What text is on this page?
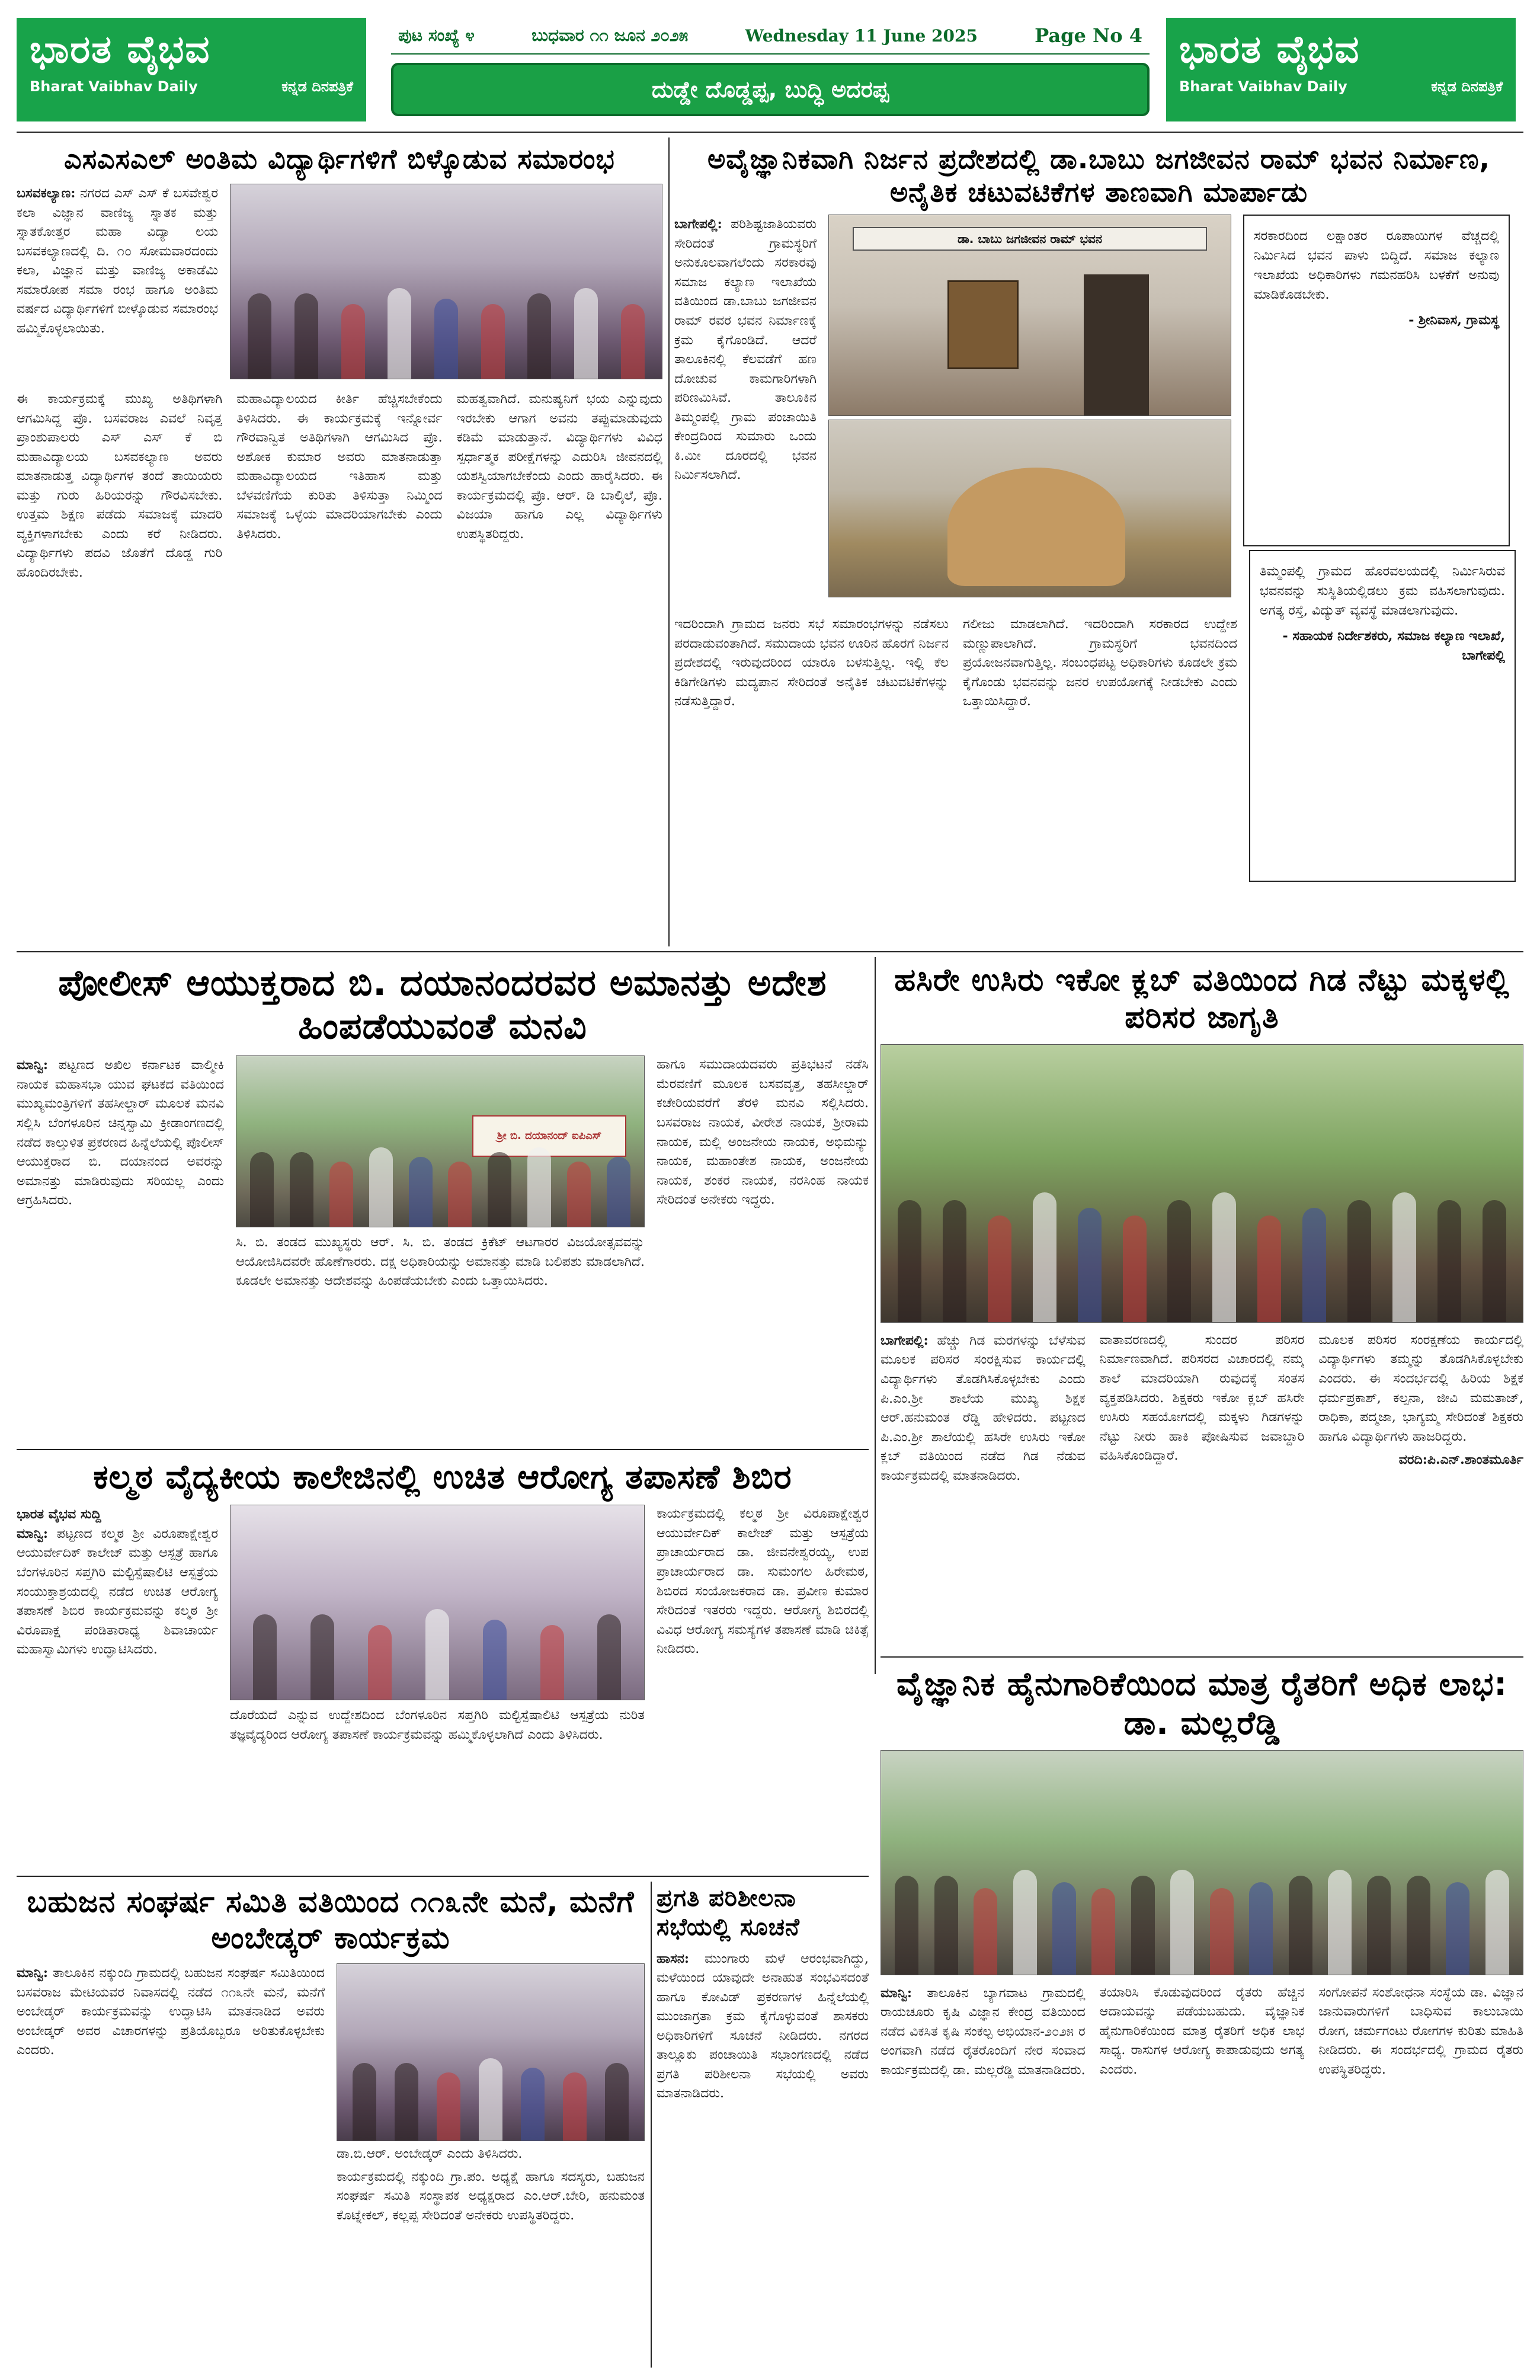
ಭಾರತ ವೈಭವ
Bharat Vaibhav Daily	ಕನ್ನಡ ದಿನಪತ್ರಿಕೆ
ಪುಟ ಸಂಖ್ಯೆ ೪	ಬುಧವಾರ ೧೧ ಜೂನ ೨೦೨೫	Wednesday 11 June 2025	Page No 4
ದುಡ್ಡೇ ದೊಡ್ಡಪ್ಪ, ಬುದ್ಧಿ ಅದರಪ್ಪ
ಭಾರತ ವೈಭವ
Bharat Vaibhav Daily	ಕನ್ನಡ ದಿನಪತ್ರಿಕೆ
ಎಸಎಸಎಲ್ ಅಂತಿಮ ವಿದ್ಯಾರ್ಥಿಗಳಿಗೆ ಬಿಳ್ಕೊಡುವ ಸಮಾರಂಭ
ಬಸವಕಲ್ಯಾಣ: ನಗರದ ಎಸ್ ಎಸ್ ಕೆ ಬಸವೇಶ್ವರ ಕಲಾ ವಿಜ್ಞಾನ ವಾಣಿಜ್ಯ ಸ್ನಾತಕ ಮತ್ತು ಸ್ನಾತಕೋತ್ತರ ಮಹಾ ವಿದ್ಯಾ ಲಯ ಬಸವಕಲ್ಯಾಣದಲ್ಲಿ ದಿ. ೧೦ ಸೋಮವಾರದಂದು ಕಲಾ, ವಿಜ್ಞಾನ ಮತ್ತು ವಾಣಿಜ್ಯ ಅಕಾಡೆಮಿ ಸಮಾರೋಪ ಸಮಾ ರಂಭ ಹಾಗೂ ಅಂತಿಮ ವರ್ಷದ ವಿದ್ಯಾರ್ಥಿಗಳಿಗೆ ಬೀಳ್ಕೊಡುವ ಸಮಾರಂಭ ಹಮ್ಮಿಕೊಳ್ಳಲಾಯಿತು.
ಈ ಕಾರ್ಯಕ್ರಮಕ್ಕೆ ಮುಖ್ಯ ಅತಿಥಿಗಳಾಗಿ ಆಗಮಿಸಿದ್ದ ಪ್ರೊ. ಬಸವರಾಜ ಎವಲೆ ನಿವೃತ್ತ ಪ್ರಾಂಶುಪಾಲರು ಎಸ್ ಎಸ್ ಕೆ ಬಿ ಮಹಾವಿದ್ಯಾಲಯ ಬಸವಕಲ್ಯಾಣ ಅವರು ಮಾತನಾಡುತ್ತ ವಿದ್ಯಾರ್ಥಿಗಳ ತಂದೆ ತಾಯಿಯರು ಮತ್ತು ಗುರು ಹಿರಿಯರನ್ನು ಗೌರವಿಸಬೇಕು. ಉತ್ತಮ ಶಿಕ್ಷಣ ಪಡೆದು ಸಮಾಜಕ್ಕೆ ಮಾದರಿ ವ್ಯಕ್ತಿಗಳಾಗಬೇಕು ಎಂದು ಕರೆ ನೀಡಿದರು. ವಿದ್ಯಾರ್ಥಿಗಳು ಪದವಿ ಜೊತೆಗೆ ದೊಡ್ಡ ಗುರಿ ಹೊಂದಿರಬೇಕು.
ಮಹಾವಿದ್ಯಾಲಯದ ಕೀರ್ತಿ ಹೆಚ್ಚಿಸಬೇಕೆಂದು ತಿಳಿಸಿದರು. ಈ ಕಾರ್ಯಕ್ರಮಕ್ಕೆ ಇನ್ನೋರ್ವ ಗೌರವಾನ್ವಿತ ಅತಿಥಿಗಳಾಗಿ ಆಗಮಿಸಿದ ಪ್ರೊ. ಅಶೋಕ ಕುಮಾರ ಅವರು ಮಾತನಾಡುತ್ತಾ ಮಹಾವಿದ್ಯಾಲಯದ ಇತಿಹಾಸ ಮತ್ತು ಬೆಳವಣಿಗೆಯ ಕುರಿತು ತಿಳಿಸುತ್ತಾ ನಿಮ್ಮಿಂದ ಸಮಾಜಕ್ಕೆ ಒಳ್ಳೆಯ ಮಾದರಿಯಾಗಬೇಕು ಎಂದು ತಿಳಿಸಿದರು.
ಮಹತ್ವವಾಗಿದೆ. ಮನುಷ್ಯನಿಗೆ ಭಯ ಎನ್ನುವುದು ಇರಬೇಕು ಆಗಾಗ ಅವನು ತಪ್ಪುಮಾಡುವುದು ಕಡಿಮೆ ಮಾಡುತ್ತಾನೆ. ವಿದ್ಯಾರ್ಥಿಗಳು ವಿವಿಧ ಸ್ಪರ್ಧಾತ್ಮಕ ಪರೀಕ್ಷೆಗಳನ್ನು ಎದುರಿಸಿ ಜೀವನದಲ್ಲಿ ಯಶಸ್ವಿಯಾಗಬೇಕೆಂದು ಎಂದು ಹಾರೈಸಿದರು. ಈ ಕಾರ್ಯಕ್ರಮದಲ್ಲಿ ಪ್ರೊ. ಆರ್. ಡಿ ಬಾಲ್ಕಿಲೆ, ಪ್ರೊ. ವಿಜಯಾ ಹಾಗೂ ಎಲ್ಲ ವಿದ್ಯಾರ್ಥಿಗಳು ಉಪಸ್ಥಿತರಿದ್ದರು.
ಅವೈಜ್ಞಾನಿಕವಾಗಿ ನಿರ್ಜನ ಪ್ರದೇಶದಲ್ಲಿ ಡಾ.ಬಾಬು ಜಗಜೀವನ ರಾಮ್ ಭವನ ನಿರ್ಮಾಣ, ಅನೈತಿಕ ಚಟುವಟಿಕೆಗಳ ತಾಣವಾಗಿ ಮಾರ್ಪಾಡು
ಬಾಗೇಪಲ್ಲಿ: ಪರಿಶಿಷ್ಟಜಾತಿಯವರು ಸೇರಿದಂತೆ ಗ್ರಾಮಸ್ಥರಿಗೆ ಅನುಕೂಲವಾಗಲೆಂದು ಸರಕಾರವು ಸಮಾಜ ಕಲ್ಯಾಣ ಇಲಾಖೆಯ ವತಿಯಿಂದ ಡಾ.ಬಾಬು ಜಗಜೀವನ ರಾಮ್ ರವರ ಭವನ ನಿರ್ಮಾಣಕ್ಕೆ ಕ್ರಮ ಕೈಗೊಂಡಿದೆ. ಆದರೆ ತಾಲೂಕಿನಲ್ಲಿ ಕೆಲವಡೆಗೆ ಹಣ ದೋಚುವ ಕಾಮಗಾರಿಗಳಾಗಿ ಪರಿಣಮಿಸಿವೆ. ತಾಲೂಕಿನ ತಿಮ್ಮಂಪಲ್ಲಿ ಗ್ರಾಮ ಪಂಚಾಯಿತಿ ಕೇಂದ್ರದಿಂದ ಸುಮಾರು ಒಂದು ಕಿ.ಮೀ ದೂರದಲ್ಲಿ ಭವನ ನಿರ್ಮಿಸಲಾಗಿದೆ.
ಡಾ. ಬಾಬು ಜಗಜೀವನ ರಾಮ್ ಭವನ	ಸರಕಾರದಿಂದ ಲಕ್ಷಾಂತರ ರೂಪಾಯಿಗಳ ವೆಚ್ಚದಲ್ಲಿ ನಿರ್ಮಿಸಿದ ಭವನ ಪಾಳು ಬಿದ್ದಿದೆ. ಸಮಾಜ ಕಲ್ಯಾಣ ಇಲಾಖೆಯ ಅಧಿಕಾರಿಗಳು ಗಮನಹರಿಸಿ ಬಳಕೆಗೆ ಅನುವು ಮಾಡಿಕೊಡಬೇಕು.
- ಶ್ರೀನಿವಾಸ, ಗ್ರಾಮಸ್ಥ
ಇದರಿಂದಾಗಿ ಗ್ರಾಮದ ಜನರು ಸಭೆ ಸಮಾರಂಭಗಳನ್ನು ನಡೆಸಲು ಪರದಾಡುವಂತಾಗಿದೆ. ಸಮುದಾಯ ಭವನ ಊರಿನ ಹೊರಗೆ ನಿರ್ಜನ ಪ್ರದೇಶದಲ್ಲಿ ಇರುವುದರಿಂದ ಯಾರೂ ಬಳಸುತ್ತಿಲ್ಲ. ಇಲ್ಲಿ ಕೆಲ ಕಿಡಿಗೇಡಿಗಳು ಮದ್ಯಪಾನ ಸೇರಿದಂತೆ ಅನೈತಿಕ ಚಟುವಟಿಕೆಗಳನ್ನು ನಡೆಸುತ್ತಿದ್ದಾರೆ.
ಗಲೀಜು ಮಾಡಲಾಗಿದೆ. ಇದರಿಂದಾಗಿ ಸರಕಾರದ ಉದ್ದೇಶ ಮಣ್ಣುಪಾಲಾಗಿದೆ. ಗ್ರಾಮಸ್ಥರಿಗೆ ಭವನದಿಂದ ಪ್ರಯೋಜನವಾಗುತ್ತಿಲ್ಲ. ಸಂಬಂಧಪಟ್ಟ ಅಧಿಕಾರಿಗಳು ಕೂಡಲೇ ಕ್ರಮ ಕೈಗೊಂಡು ಭವನವನ್ನು ಜನರ ಉಪಯೋಗಕ್ಕೆ ನೀಡಬೇಕು ಎಂದು ಒತ್ತಾಯಿಸಿದ್ದಾರೆ.
ತಿಮ್ಮಂಪಲ್ಲಿ ಗ್ರಾಮದ ಹೊರವಲಯದಲ್ಲಿ ನಿರ್ಮಿಸಿರುವ ಭವನವನ್ನು ಸುಸ್ಥಿತಿಯಲ್ಲಿಡಲು ಕ್ರಮ ವಹಿಸಲಾಗುವುದು. ಅಗತ್ಯ ರಸ್ತೆ, ವಿದ್ಯುತ್ ವ್ಯವಸ್ಥೆ ಮಾಡಲಾಗುವುದು.
- ಸಹಾಯಕ ನಿರ್ದೇಶಕರು, ಸಮಾಜ ಕಲ್ಯಾಣ ಇಲಾಖೆ, ಬಾಗೇಪಲ್ಲಿ
ಪೋಲೀಸ್ ಆಯುಕ್ತರಾದ ಬಿ. ದಯಾನಂದರವರ ಅಮಾನತ್ತು ಅದೇಶ ಹಿಂಪಡೆಯುವಂತೆ ಮನವಿ
ಮಾನ್ವಿ: ಪಟ್ಟಣದ ಅಖಿಲ ಕರ್ನಾಟಕ ವಾಲ್ಮೀಕಿ ನಾಯಕ ಮಹಾಸಭಾ ಯುವ ಘಟಕದ ವತಿಯಿಂದ ಮುಖ್ಯಮಂತ್ರಿಗಳಿಗೆ ತಹಸೀಲ್ದಾರ್ ಮೂಲಕ ಮನವಿ ಸಲ್ಲಿಸಿ ಬೆಂಗಳೂರಿನ ಚಿನ್ನಸ್ವಾಮಿ ಕ್ರೀಡಾಂಗಣದಲ್ಲಿ ನಡೆದ ಕಾಲ್ತುಳಿತ ಪ್ರಕರಣದ ಹಿನ್ನೆಲೆಯಲ್ಲಿ ಪೊಲೀಸ್ ಆಯುಕ್ತರಾದ ಬಿ. ದಯಾನಂದ ಅವರನ್ನು ಅಮಾನತ್ತು ಮಾಡಿರುವುದು ಸರಿಯಲ್ಲ ಎಂದು ಆಗ್ರಹಿಸಿದರು.
ಶ್ರೀ ಬಿ. ದಯಾನಂದ್ ಐಪಿಎಸ್
ಸಿ. ಬಿ. ತಂಡದ ಮುಖ್ಯಸ್ಥರು ಆರ್. ಸಿ. ಬಿ. ತಂಡದ ಕ್ರಿಕೆಟ್ ಆಟಗಾರರ ವಿಜಯೋತ್ಸವವನ್ನು ಆಯೋಜಿಸಿದವರೇ ಹೊಣೆಗಾರರು. ದಕ್ಷ ಅಧಿಕಾರಿಯನ್ನು ಅಮಾನತ್ತು ಮಾಡಿ ಬಲಿಪಶು ಮಾಡಲಾಗಿದೆ. ಕೂಡಲೇ ಅಮಾನತ್ತು ಆದೇಶವನ್ನು ಹಿಂಪಡೆಯಬೇಕು ಎಂದು ಒತ್ತಾಯಿಸಿದರು.
ಹಾಗೂ ಸಮುದಾಯದವರು ಪ್ರತಿಭಟನೆ ನಡೆಸಿ ಮೆರವಣಿಗೆ ಮೂಲಕ ಬಸವವೃತ್ತ, ತಹಸೀಲ್ದಾರ್ ಕಚೇರಿಯವರೆಗೆ ತೆರಳಿ ಮನವಿ ಸಲ್ಲಿಸಿದರು. ಬಸವರಾಜ ನಾಯಕ, ವೀರೇಶ ನಾಯಕ, ಶ್ರೀರಾಮ ನಾಯಕ, ಮಲ್ಲಿ ಅಂಜನೇಯ ನಾಯಕ, ಅಭಿಮನ್ಯು ನಾಯಕ, ಮಹಾಂತೇಶ ನಾಯಕ, ಅಂಜನೇಯ ನಾಯಕ, ಶಂಕರ ನಾಯಕ, ನರಸಿಂಹ ನಾಯಕ ಸೇರಿದಂತೆ ಅನೇಕರು ಇದ್ದರು.
ಹಸಿರೇ ಉಸಿರು ಇಕೋ ಕ್ಲಬ್ ವತಿಯಿಂದ ಗಿಡ ನೆಟ್ಟು ಮಕ್ಕಳಲ್ಲಿ ಪರಿಸರ ಜಾಗೃತಿ
ಬಾಗೇಪಲ್ಲಿ: ಹೆಚ್ಚು ಗಿಡ ಮರಗಳನ್ನು ಬೆಳೆಸುವ ಮೂಲಕ ಪರಿಸರ ಸಂರಕ್ಷಿಸುವ ಕಾರ್ಯದಲ್ಲಿ ವಿದ್ಯಾರ್ಥಿಗಳು ತೊಡಗಿಸಿಕೊಳ್ಳಬೇಕು ಎಂದು ಪಿ.ಎಂ.ಶ್ರೀ ಶಾಲೆಯ ಮುಖ್ಯ ಶಿಕ್ಷಕ ಆರ್.ಹನುಮಂತ ರೆಡ್ಡಿ ಹೇಳಿದರು. ಪಟ್ಟಣದ ಪಿ.ಎಂ.ಶ್ರೀ ಶಾಲೆಯಲ್ಲಿ ಹಸಿರೇ ಉಸಿರು ಇಕೋ ಕ್ಲಬ್ ವತಿಯಿಂದ ನಡೆದ ಗಿಡ ನೆಡುವ ಕಾರ್ಯಕ್ರಮದಲ್ಲಿ ಮಾತನಾಡಿದರು.
ವಾತಾವರಣದಲ್ಲಿ ಸುಂದರ ಪರಿಸರ ನಿರ್ಮಾಣವಾಗಿದೆ. ಪರಿಸರದ ವಿಚಾರದಲ್ಲಿ ನಮ್ಮ ಶಾಲೆ ಮಾದರಿಯಾಗಿ ರುವುದಕ್ಕೆ ಸಂತಸ ವ್ಯಕ್ತಪಡಿಸಿದರು. ಶಿಕ್ಷಕರು ಇಕೋ ಕ್ಲಬ್ ಹಸಿರೇ ಉಸಿರು ಸಹಯೋಗದಲ್ಲಿ ಮಕ್ಕಳು ಗಿಡಗಳನ್ನು ನೆಟ್ಟು ನೀರು ಹಾಕಿ ಪೋಷಿಸುವ ಜವಾಬ್ದಾರಿ ವಹಿಸಿಕೊಂಡಿದ್ದಾರೆ.
ಮೂಲಕ ಪರಿಸರ ಸಂರಕ್ಷಣೆಯ ಕಾರ್ಯದಲ್ಲಿ ವಿದ್ಯಾರ್ಥಿಗಳು ತಮ್ಮನ್ನು ತೊಡಗಿಸಿಕೊಳ್ಳಬೇಕು ಎಂದರು. ಈ ಸಂದರ್ಭದಲ್ಲಿ ಹಿರಿಯ ಶಿಕ್ಷಕ ಧರ್ಮಪ್ರಕಾಶ್, ಕಲ್ಪನಾ, ಜೀವಿ ಮಮತಾಜ್, ರಾಧಿಕಾ, ಪದ್ಮಜಾ, ಭಾಗ್ಯಮ್ಮ ಸೇರಿದಂತೆ ಶಿಕ್ಷಕರು ಹಾಗೂ ವಿದ್ಯಾರ್ಥಿಗಳು ಹಾಜರಿದ್ದರು.
ವರದಿ:ಪಿ.ಎನ್.ಶಾಂತಮೂರ್ತಿ
ಕಲ್ಮಠ ವೈದ್ಯಕೀಯ ಕಾಲೇಜಿನಲ್ಲಿ ಉಚಿತ ಆರೋಗ್ಯ ತಪಾಸಣೆ ಶಿಬಿರ
ಭಾರತ ವೈಭವ ಸುದ್ದಿ
ಮಾನ್ವಿ: ಪಟ್ಟಣದ ಕಲ್ಮಠ ಶ್ರೀ ವಿರೂಪಾಕ್ಷೇಶ್ವರ ಆಯುರ್ವೇದಿಕ್ ಕಾಲೇಜ್ ಮತ್ತು ಆಸ್ಪತ್ರೆ ಹಾಗೂ ಬೆಂಗಳೂರಿನ ಸಪ್ತಗಿರಿ ಮಲ್ಟಿಸ್ಪೆಷಾಲಿಟಿ ಆಸ್ಪತ್ರೆಯ ಸಂಯುಕ್ತಾಶ್ರಯದಲ್ಲಿ ನಡೆದ ಉಚಿತ ಆರೋಗ್ಯ ತಪಾಸಣೆ ಶಿಬಿರ ಕಾರ್ಯಕ್ರಮವನ್ನು ಕಲ್ಮಠ ಶ್ರೀ ವಿರೂಪಾಕ್ಷ ಪಂಡಿತಾರಾಧ್ಯ ಶಿವಾಚಾರ್ಯ ಮಹಾಸ್ವಾಮಿಗಳು ಉದ್ಘಾಟಿಸಿದರು.
ದೊರೆಯದೆ ಎನ್ನುವ ಉದ್ದೇಶದಿಂದ ಬೆಂಗಳೂರಿನ ಸಪ್ತಗಿರಿ ಮಲ್ಟಿಸ್ಪೆಷಾಲಿಟಿ ಆಸ್ಪತ್ರೆಯ ನುರಿತ ತಜ್ಞವೈದ್ಯರಿಂದ ಆರೋಗ್ಯ ತಪಾಸಣೆ ಕಾರ್ಯಕ್ರಮವನ್ನು ಹಮ್ಮಿಕೊಳ್ಳಲಾಗಿದೆ ಎಂದು ತಿಳಿಸಿದರು.
ಕಾರ್ಯಕ್ರಮದಲ್ಲಿ ಕಲ್ಮಠ ಶ್ರೀ ವಿರೂಪಾಕ್ಷೇಶ್ವರ ಆಯುರ್ವೇದಿಕ್ ಕಾಲೇಜ್ ಮತ್ತು ಆಸ್ಪತ್ರೆಯ ಪ್ರಾಚಾರ್ಯರಾದ ಡಾ. ಜೀವನೇಶ್ವರಯ್ಯ, ಉಪ ಪ್ರಾಚಾರ್ಯರಾದ ಡಾ. ಸುಮಂಗಲ ಹಿರೇಮಠ, ಶಿಬಿರದ ಸಂಯೋಜಕರಾದ ಡಾ. ಪ್ರವೀಣ ಕುಮಾರ ಸೇರಿದಂತೆ ಇತರರು ಇದ್ದರು. ಆರೋಗ್ಯ ಶಿಬಿರದಲ್ಲಿ ವಿವಿಧ ಆರೋಗ್ಯ ಸಮಸ್ಯೆಗಳ ತಪಾಸಣೆ ಮಾಡಿ ಚಿಕಿತ್ಸೆ ನೀಡಿದರು.
ವೈಜ್ಞಾನಿಕ ಹೈನುಗಾರಿಕೆಯಿಂದ ಮಾತ್ರ ರೈತರಿಗೆ ಅಧಿಕ ಲಾಭ: ಡಾ. ಮಲ್ಲರೆಡ್ಡಿ
ಮಾನ್ವಿ: ತಾಲೂಕಿನ ಬ್ಯಾಗವಾಟ ಗ್ರಾಮದಲ್ಲಿ ರಾಯಚೂರು ಕೃಷಿ ವಿಜ್ಞಾನ ಕೇಂದ್ರ ವತಿಯಿಂದ ನಡೆದ ವಿಕಸಿತ ಕೃಷಿ ಸಂಕಲ್ಪ ಅಭಿಯಾನ-೨೦೨೫ ರ ಅಂಗವಾಗಿ ನಡೆದ ರೈತರೊಂದಿಗೆ ನೇರ ಸಂವಾದ ಕಾರ್ಯಕ್ರಮದಲ್ಲಿ ಡಾ. ಮಲ್ಲರೆಡ್ಡಿ ಮಾತನಾಡಿದರು.
ತಯಾರಿಸಿ ಕೊಡುವುದರಿಂದ ರೈತರು ಹೆಚ್ಚಿನ ಆದಾಯವನ್ನು ಪಡೆಯಬಹುದು. ವೈಜ್ಞಾನಿಕ ಹೈನುಗಾರಿಕೆಯಿಂದ ಮಾತ್ರ ರೈತರಿಗೆ ಅಧಿಕ ಲಾಭ ಸಾಧ್ಯ. ರಾಸುಗಳ ಆರೋಗ್ಯ ಕಾಪಾಡುವುದು ಅಗತ್ಯ ಎಂದರು.
ಸಂಗೋಪನೆ ಸಂಶೋಧನಾ ಸಂಸ್ಥೆಯ ಡಾ. ವಿಜ್ಞಾನ ಜಾನುವಾರುಗಳಿಗೆ ಬಾಧಿಸುವ ಕಾಲುಬಾಯಿ ರೋಗ, ಚರ್ಮಗಂಟು ರೋಗಗಳ ಕುರಿತು ಮಾಹಿತಿ ನೀಡಿದರು. ಈ ಸಂದರ್ಭದಲ್ಲಿ ಗ್ರಾಮದ ರೈತರು ಉಪಸ್ಥಿತರಿದ್ದರು.
ಬಹುಜನ ಸಂಘರ್ಷ ಸಮಿತಿ ವತಿಯಿಂದ ೧೧೩ನೇ ಮನೆ, ಮನೆಗೆ ಅಂಬೇಡ್ಕರ್ ಕಾರ್ಯಕ್ರಮ
ಮಾನ್ವಿ: ತಾಲೂಕಿನ ನಕ್ಕುಂದಿ ಗ್ರಾಮದಲ್ಲಿ ಬಹುಜನ ಸಂಘರ್ಷ ಸಮಿತಿಯಿಂದ ಬಸವರಾಜ ಮೇಟಿಯವರ ನಿವಾಸದಲ್ಲಿ ನಡೆದ ೧೧೩ನೇ ಮನೆ, ಮನೆಗೆ ಅಂಬೇಡ್ಕರ್ ಕಾರ್ಯಕ್ರಮವನ್ನು ಉದ್ಘಾಟಿಸಿ ಮಾತನಾಡಿದ ಅವರು ಅಂಬೇಡ್ಕರ್ ಅವರ ವಿಚಾರಗಳನ್ನು ಪ್ರತಿಯೊಬ್ಬರೂ ಅರಿತುಕೊಳ್ಳಬೇಕು ಎಂದರು.
ಡಾ.ಬಿ.ಆರ್. ಅಂಬೇಡ್ಕರ್ ಎಂದು ತಿಳಿಸಿದರು.
ಕಾರ್ಯಕ್ರಮದಲ್ಲಿ ನಕ್ಕುಂದಿ ಗ್ರಾ.ಪಂ. ಅಧ್ಯಕ್ಷೆ ಹಾಗೂ ಸದಸ್ಯರು, ಬಹುಜನ ಸಂಘರ್ಷ ಸಮಿತಿ ಸಂಸ್ಥಾಪಕ ಅಧ್ಯಕ್ಷರಾದ ಎಂ.ಆರ್.ಬೇರಿ, ಹನುಮಂತ ಕೊಟ್ನೇಕಲ್, ಕಲ್ಲಪ್ಪ ಸೇರಿದಂತೆ ಅನೇಕರು ಉಪಸ್ಥಿತರಿದ್ದರು.
ಪ್ರಗತಿ ಪರಿಶೀಲನಾ ಸಭೆಯಲ್ಲಿ ಸೂಚನೆ
ಹಾಸನ: ಮುಂಗಾರು ಮಳೆ ಆರಂಭವಾಗಿದ್ದು, ಮಳೆಯಿಂದ ಯಾವುದೇ ಅನಾಹುತ ಸಂಭವಿಸದಂತೆ ಹಾಗೂ ಕೋವಿಡ್ ಪ್ರಕರಣಗಳ ಹಿನ್ನೆಲೆಯಲ್ಲಿ ಮುಂಜಾಗ್ರತಾ ಕ್ರಮ ಕೈಗೊಳ್ಳುವಂತೆ ಶಾಸಕರು ಅಧಿಕಾರಿಗಳಿಗೆ ಸೂಚನೆ ನೀಡಿದರು. ನಗರದ ತಾಲ್ಲೂಕು ಪಂಚಾಯಿತಿ ಸಭಾಂಗಣದಲ್ಲಿ ನಡೆದ ಪ್ರಗತಿ ಪರಿಶೀಲನಾ ಸಭೆಯಲ್ಲಿ ಅವರು ಮಾತನಾಡಿದರು.
